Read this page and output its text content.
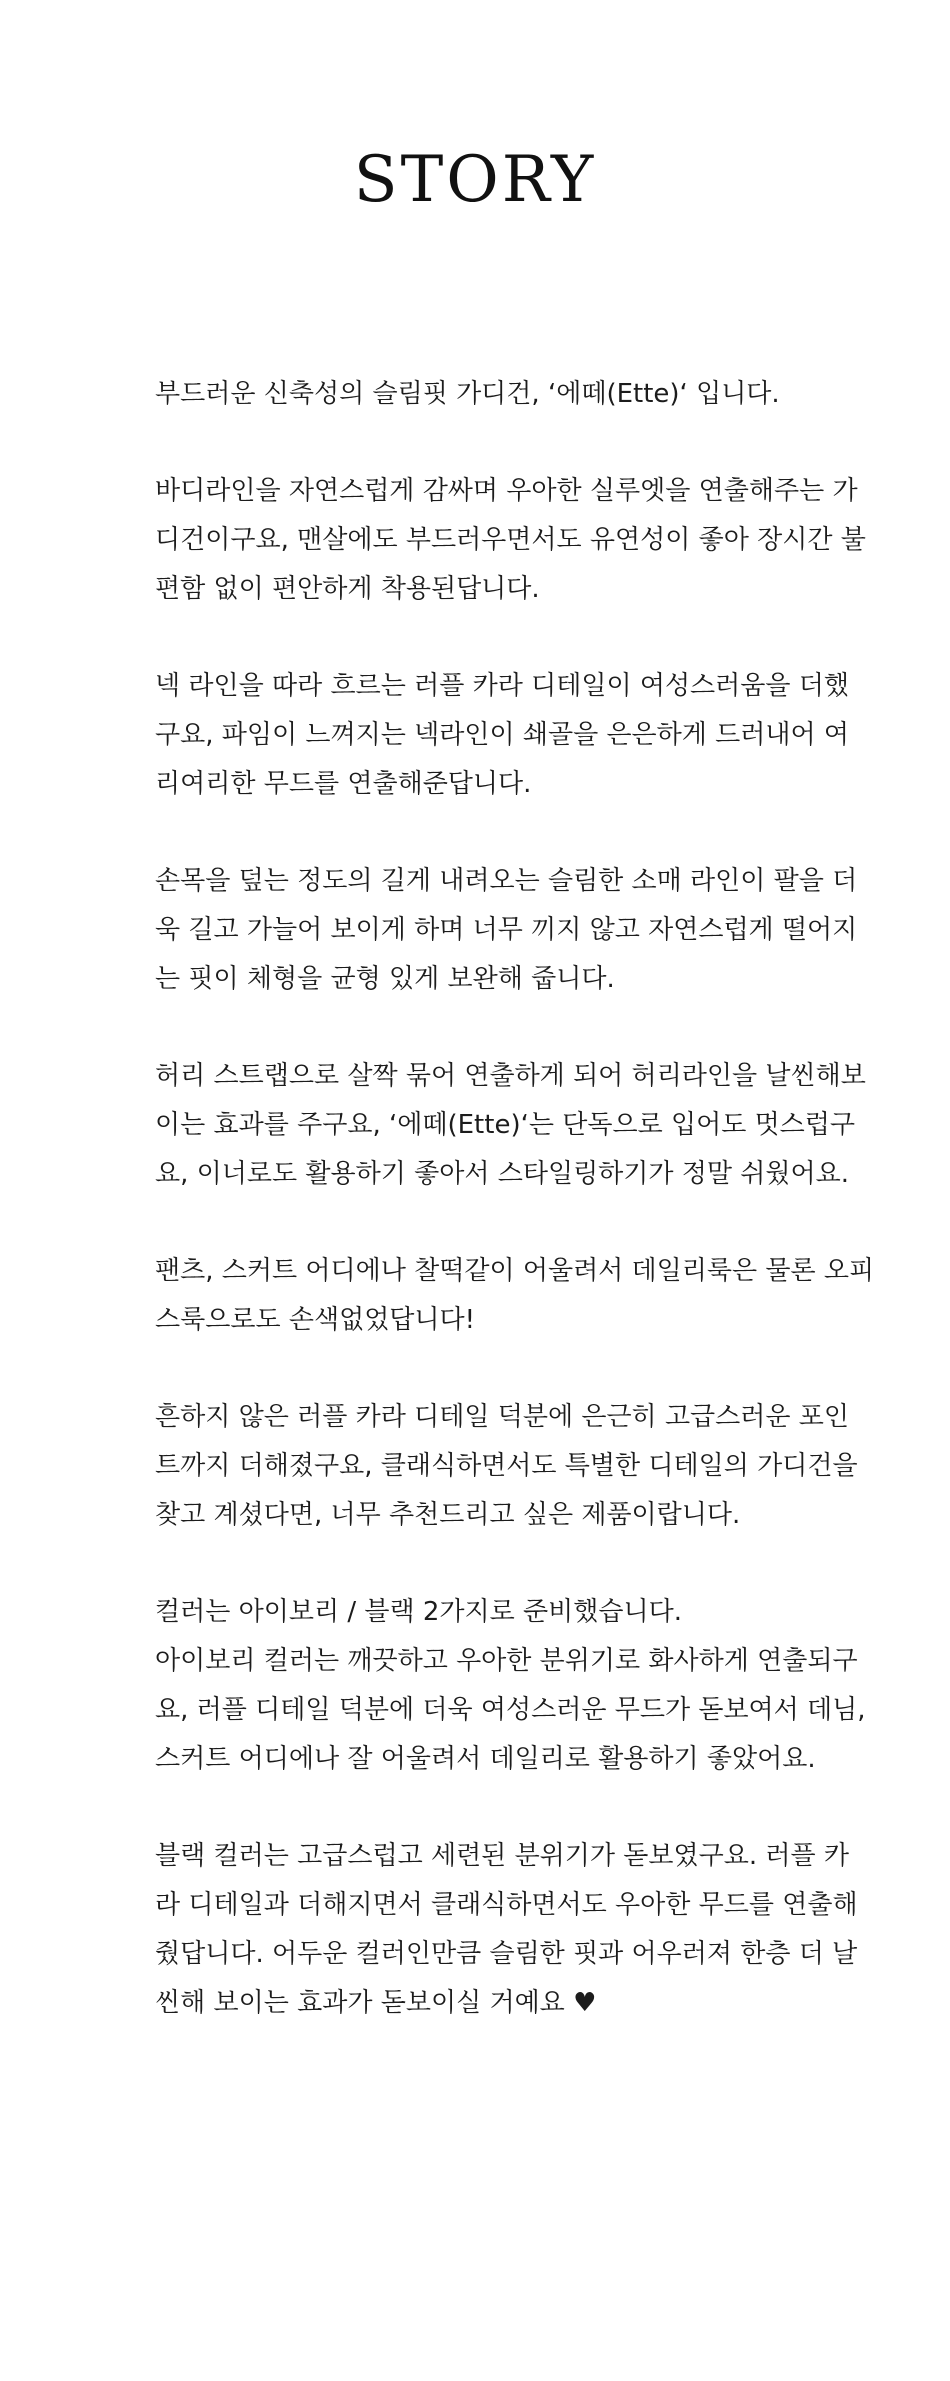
STORY

부드러운 신축성의 슬림핏 가디건, ‘에떼(Ette)‘ 입니다.

바디라인을 자연스럽게 감싸며 우아한 실루엣을 연출해주는 가
디건이구요, 맨살에도 부드러우면서도 유연성이 좋아 장시간 불
편함 없이 편안하게 착용된답니다.

넥 라인을 따라 흐르는 러플 카라 디테일이 여성스러움을 더했
구요, 파임이 느껴지는 넥라인이 쇄골을 은은하게 드러내어 여
리여리한 무드를 연출해준답니다.

손목을 덮는 정도의 길게 내려오는 슬림한 소매 라인이 팔을 더
욱 길고 가늘어 보이게 하며 너무 끼지 않고 자연스럽게 떨어지
는 핏이 체형을 균형 있게 보완해 줍니다.

허리 스트랩으로 살짝 묶어 연출하게 되어 허리라인을 날씬해보
이는 효과를 주구요, ‘에떼(Ette)‘는 단독으로 입어도 멋스럽구
요, 이너로도 활용하기 좋아서 스타일링하기가 정말 쉬웠어요.

팬츠, 스커트 어디에나 찰떡같이 어울려서 데일리룩은 물론 오피
스룩으로도 손색없었답니다!

흔하지 않은 러플 카라 디테일 덕분에 은근히 고급스러운 포인
트까지 더해졌구요, 클래식하면서도 특별한 디테일의 가디건을
찾고 계셨다면, 너무 추천드리고 싶은 제품이랍니다.

컬러는 아이보리 / 블랙 2가지로 준비했습니다.
아이보리 컬러는 깨끗하고 우아한 분위기로 화사하게 연출되구
요, 러플 디테일 덕분에 더욱 여성스러운 무드가 돋보여서 데님,
스커트 어디에나 잘 어울려서 데일리로 활용하기 좋았어요.

블랙 컬러는 고급스럽고 세련된 분위기가 돋보였구요. 러플 카
라 디테일과 더해지면서 클래식하면서도 우아한 무드를 연출해
줬답니다. 어두운 컬러인만큼 슬림한 핏과 어우러져 한층 더 날
씬해 보이는 효과가 돋보이실 거예요 ♥
